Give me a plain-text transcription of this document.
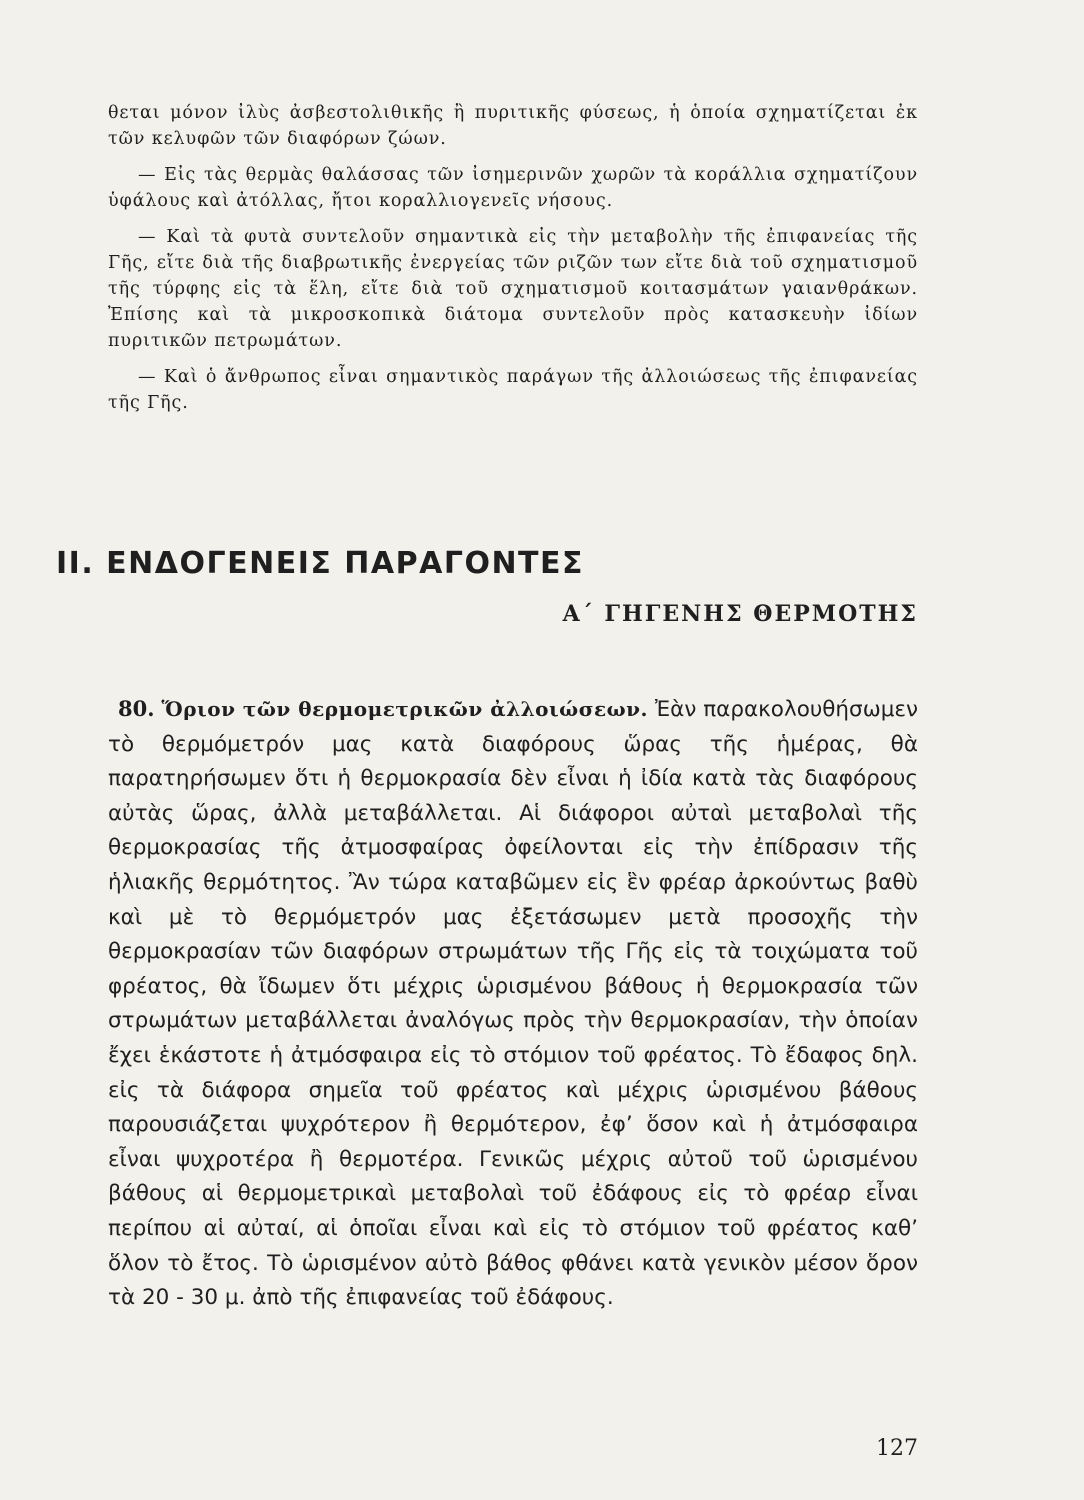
θεται μόνον ἰλὺς ἀσβεστολιθικῆς ἢ πυριτικῆς φύσεως, ἡ ὁποία σχηματίζεται ἐκ τῶν κελυφῶν τῶν διαφόρων ζώων.

— Εἰς τὰς θερμὰς θαλάσσας τῶν ἰσημερινῶν χωρῶν τὰ κοράλλια σχηματίζουν ὑφάλους καὶ ἀτόλλας, ἤτοι κοραλλιογενεῖς νήσους.

— Καὶ τὰ φυτὰ συντελοῦν σημαντικὰ εἰς τὴν μεταβολὴν τῆς ἐπιφανείας τῆς Γῆς, εἴτε διὰ τῆς διαβρωτικῆς ἐνεργείας τῶν ριζῶν των εἴτε διὰ τοῦ σχηματισμοῦ τῆς τύρφης εἰς τὰ ἕλη, εἴτε διὰ τοῦ σχηματισμοῦ κοιτασμάτων γαιανθράκων. Ἐπίσης καὶ τὰ μικροσκοπικὰ διάτομα συντελοῦν πρὸς κατασκευὴν ἰδίων πυριτικῶν πετρωμάτων.

— Καὶ ὁ ἄνθρωπος εἶναι σημαντικὸς παράγων τῆς ἀλλοιώσεως τῆς ἐπιφανείας τῆς Γῆς.

ΙΙ. ΕΝΔΟΓΕΝΕΙΣ ΠΑΡΑΓΟΝΤΕΣ
Α΄ ΓΗΓΕΝΗΣ ΘΕΡΜΟΤΗΣ

80. Ὅριον τῶν θερμομετρικῶν ἀλλοιώσεων. Ἐὰν παρακολουθήσωμεν τὸ θερμόμετρόν μας κατὰ διαφόρους ὥρας τῆς ἡμέρας, θὰ παρατηρήσωμεν ὅτι ἡ θερμοκρασία δὲν εἶναι ἡ ἰδία κατὰ τὰς διαφόρους αὐτὰς ὥρας, ἀλλὰ μεταβάλλεται. Αἱ διάφοροι αὐταὶ μεταβολαὶ τῆς θερμοκρασίας τῆς ἀτμοσφαίρας ὀφείλονται εἰς τὴν ἐπίδρασιν τῆς ἡλιακῆς θερμότητος. Ἂν τώρα καταβῶμεν εἰς ἓν φρέαρ ἀρκούντως βαθὺ καὶ μὲ τὸ θερμόμετρόν μας ἐξετάσωμεν μετὰ προσοχῆς τὴν θερμοκρασίαν τῶν διαφόρων στρωμάτων τῆς Γῆς εἰς τὰ τοιχώματα τοῦ φρέατος, θὰ ἴδωμεν ὅτι μέχρις ὡρισμένου βάθους ἡ θερμοκρασία τῶν στρωμάτων μεταβάλλεται ἀναλόγως πρὸς τὴν θερμοκρασίαν, τὴν ὁποίαν ἔχει ἑκάστοτε ἡ ἀτμόσφαιρα εἰς τὸ στόμιον τοῦ φρέατος. Τὸ ἔδαφος δηλ. εἰς τὰ διάφορα σημεῖα τοῦ φρέατος καὶ μέχρις ὡρισμένου βάθους παρουσιάζεται ψυχρότερον ἢ θερμότερον, ἐφ’ ὅσον καὶ ἡ ἀτμόσφαιρα εἶναι ψυχροτέρα ἢ θερμοτέρα. Γενικῶς μέχρις αὐτοῦ τοῦ ὡρισμένου βάθους αἱ θερμομετρικαὶ μεταβολαὶ τοῦ ἐδάφους εἰς τὸ φρέαρ εἶναι περίπου αἱ αὐταί, αἱ ὁποῖαι εἶναι καὶ εἰς τὸ στόμιον τοῦ φρέατος καθ’ ὅλον τὸ ἔτος. Τὸ ὡρισμένον αὐτὸ βάθος φθάνει κατὰ γενικὸν μέσον ὅρον τὰ 20 - 30 μ. ἀπὸ τῆς ἐπιφανείας τοῦ ἐδάφους.

127
